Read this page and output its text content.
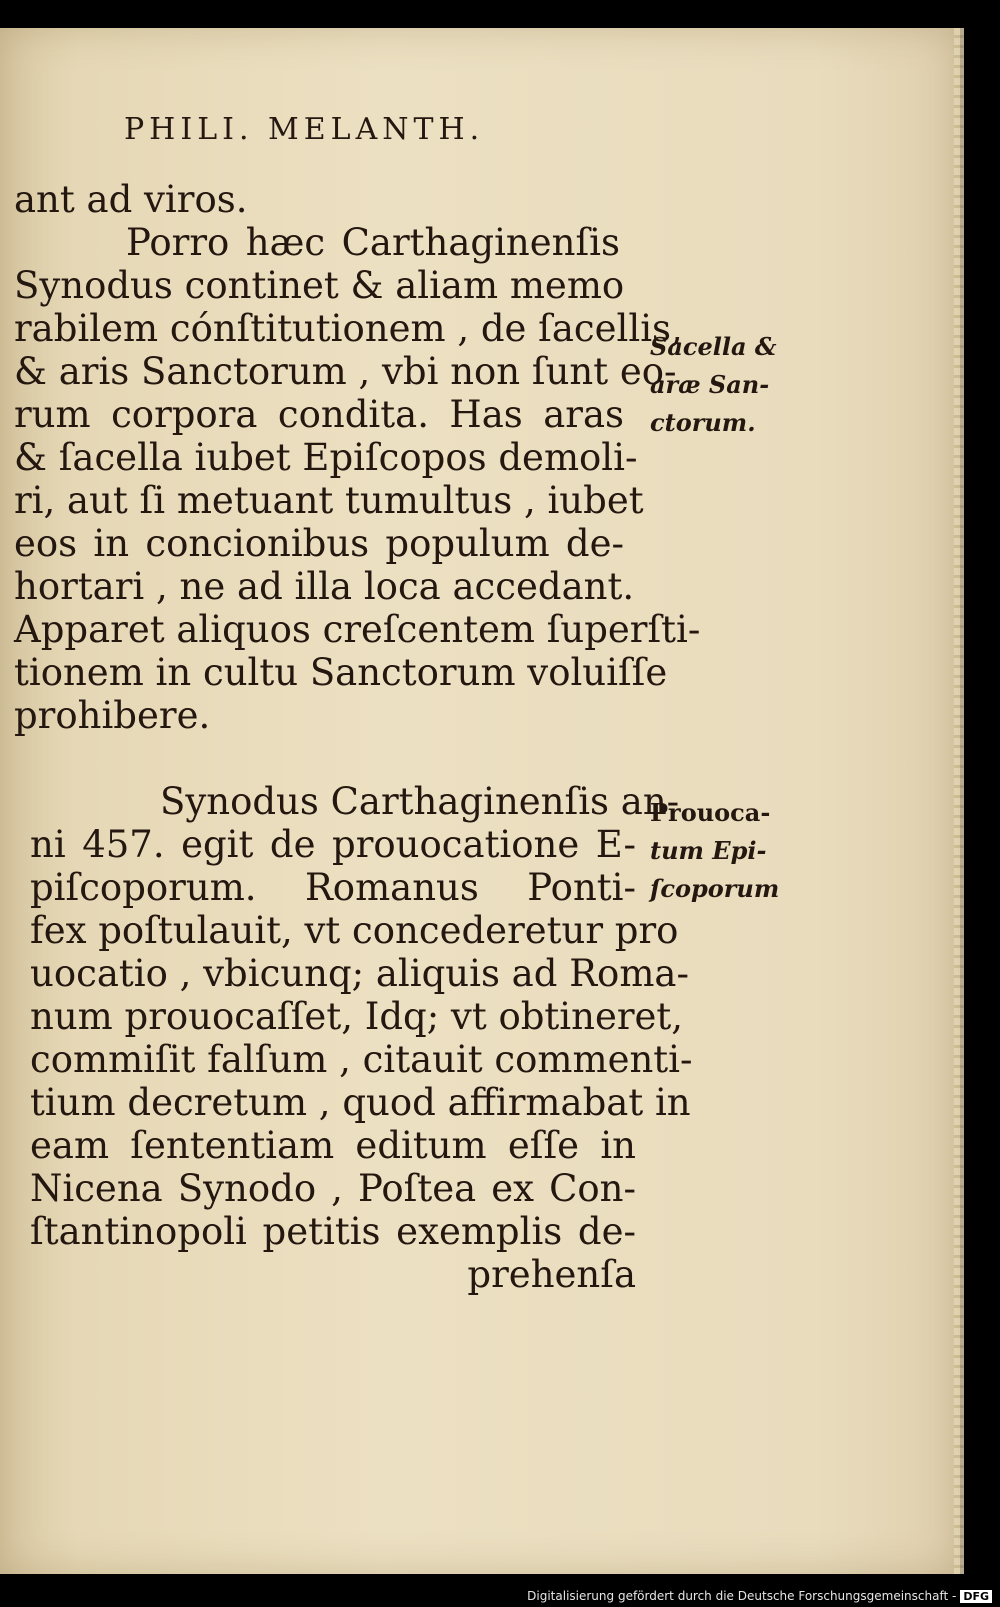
PHILI. MELANTH.
ant ad viros.
Porro hæc Carthaginenſis
Synodus continet & aliam memo
rabilem cónſtitutionem , de ſacellis,
& aris Sanctorum , vbi non ſunt eo-
rum corpora condita. Has aras
& ſacella iubet Epiſcopos demoli-
ri, aut ſi metuant tumultus , iubet
eos in concionibus populum de-
hortari , ne ad illa loca accedant.
Apparet aliquos creſcentem ſuperſti-
tionem in cultu Sanctorum voluiſſe
prohibere.
Synodus Carthaginenſis an-
ni 457. egit de prouocatione E-
piſcoporum. Romanus Ponti-
fex poſtulauit, vt concederetur pro
uocatio , vbicunq; aliquis ad Roma-
num prouocaſſet, Idq; vt obtineret,
commiſit falſum , citauit commenti-
tium decretum , quod affirmabat in
eam ſententiam editum eſſe in
Nicena Synodo , Poſtea ex Con-
ſtantinopoli petitis exemplis de-
prehenſa
Sacella &
aræ San-
ctorum.
Prouoca-
tum Epi-
ſcoporum
Digitalisierung gefördert durch die Deutsche Forschungsgemeinschaft - DFG
